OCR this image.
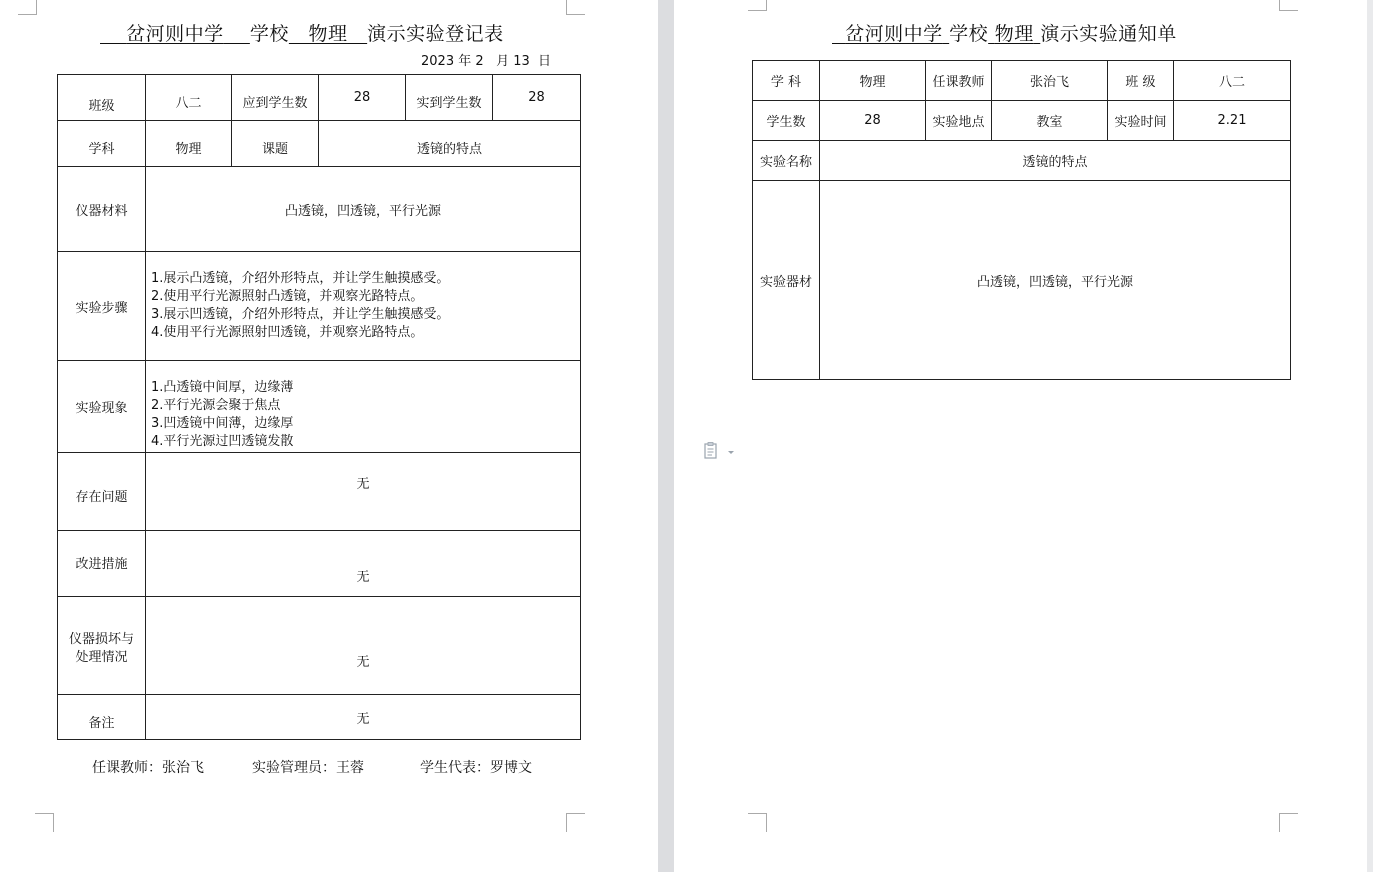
岔河则中学 学校 物理 演示实验登记表
2023 年 2 月 13 日
班级	八二	应到学生数	28	实到学生数	28
学科	物理	课题	透镜的特点		
仪器材料	凸透镜，凹透镜，平行光源				
实验步骤	1.展示凸透镜，介绍外形特点，并让学生触摸感受。
2.使用平行光源照射凸透镜，并观察光路特点。
3.展示凹透镜，介绍外形特点，并让学生触摸感受。
4.使用平行光源照射凹透镜，并观察光路特点。				

实验现象	1.凸透镜中间厚，边缘薄
2.平行光源会聚于焦点
3.凹透镜中间薄，边缘厚
4.平行光源过凹透镜发散				

存在问题	无				
改进措施	无				

仪器损坏与
处理情况	无				
备注	无				
任课教师：张治飞	实验管理员：王蓉	学生代表：罗博文
岔河则中学 学校 物理 演示实验通知单
学 科	物理	任课教师	张治飞	班 级	八二
学生数	28	实验地点	教室	实验时间	2.21
实验名称	透镜的特点				
实验器材	凸透镜，凹透镜，平行光源				
